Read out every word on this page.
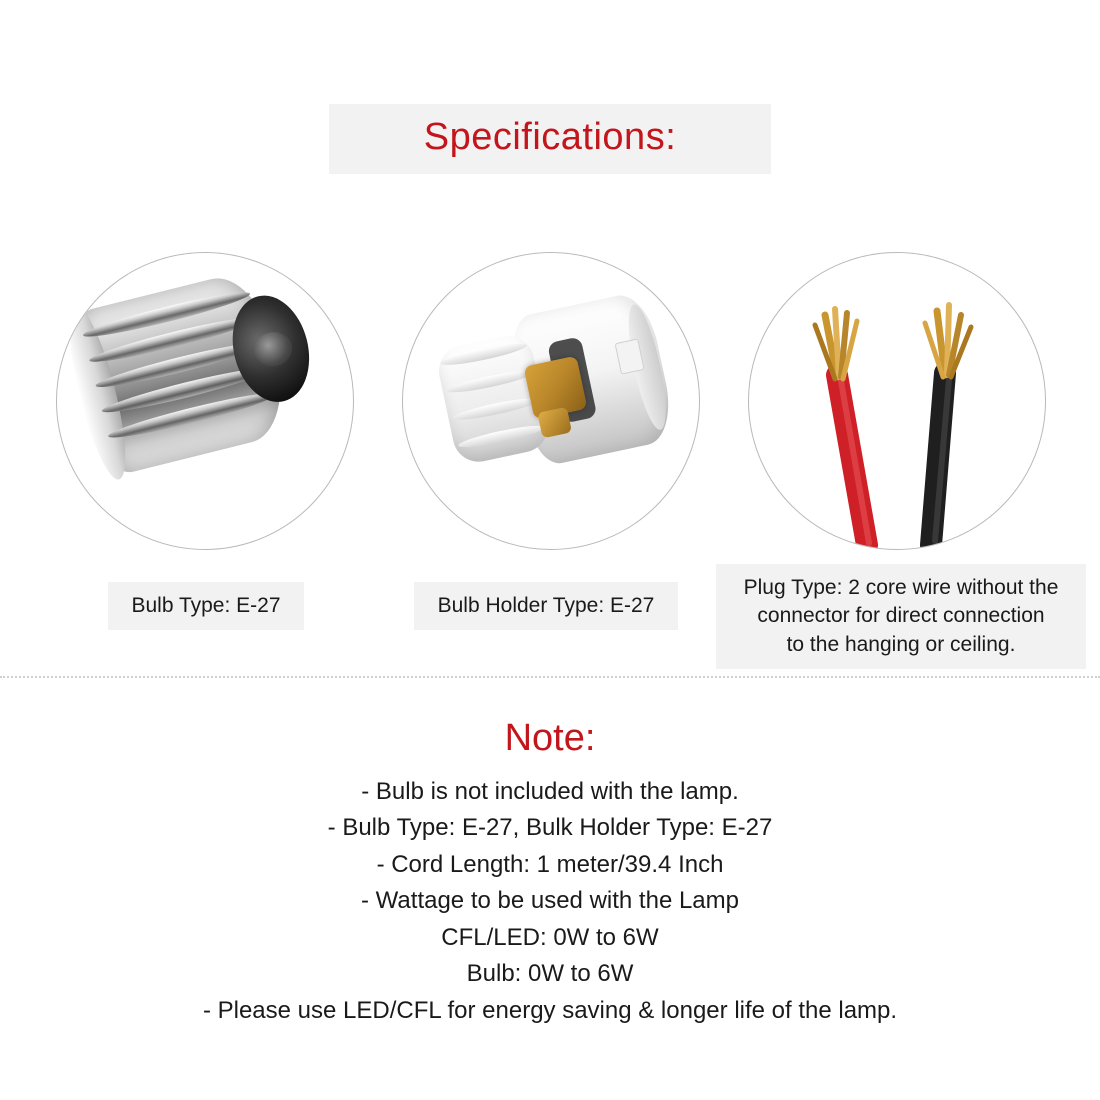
Specifications:
Bulb Type: E-27	Bulb Holder Type: E-27
Plug Type: 2 core wire without the
connector for direct connection
to the hanging or ceiling.
Note:
- Bulb is not included with the lamp.
- Bulb Type: E-27, Bulk Holder Type: E-27
- Cord Length: 1 meter/39.4 Inch
- Wattage to be used with the Lamp
CFL/LED: 0W to 6W
Bulb: 0W to 6W
- Please use LED/CFL for energy saving & longer life of the lamp.
